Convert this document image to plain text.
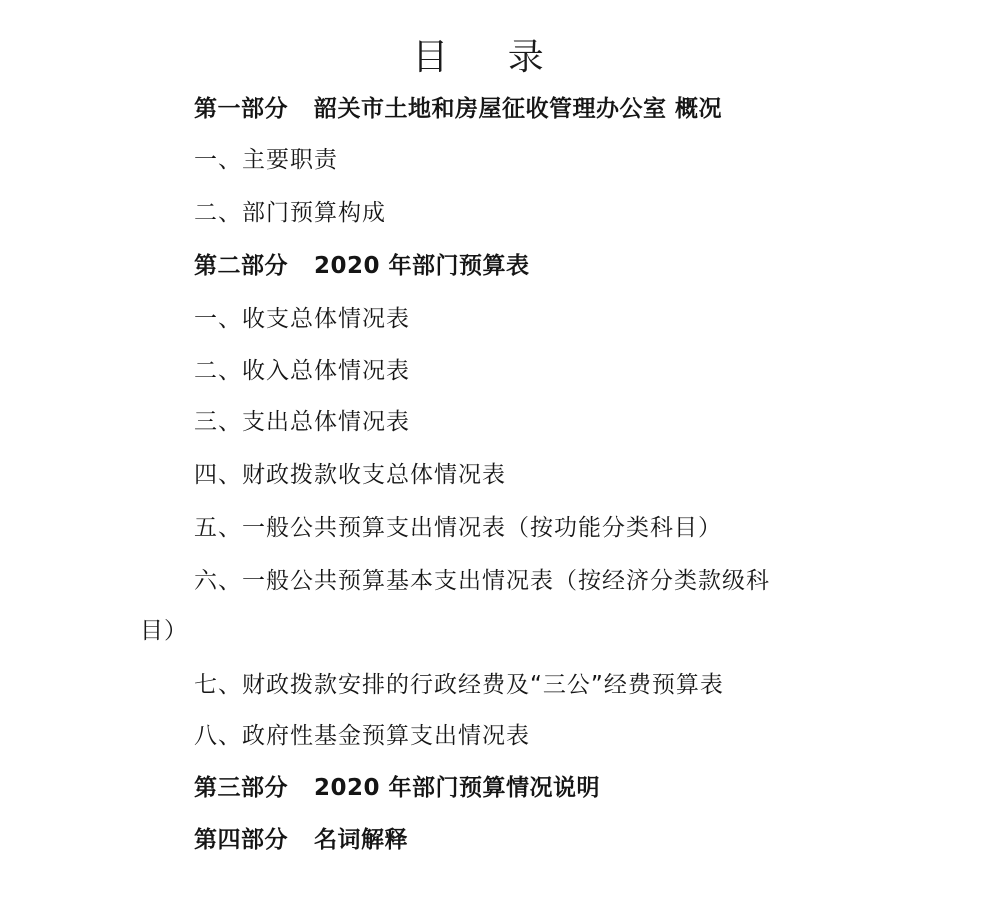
目 录
第一部分 韶关市土地和房屋征收管理办公室 概况
一、主要职责
二、部门预算构成
第二部分 2020 年部门预算表
一、收支总体情况表
二、收入总体情况表
三、支出总体情况表
四、财政拨款收支总体情况表
五、一般公共预算支出情况表（按功能分类科目）
六、一般公共预算基本支出情况表（按经济分类款级科
目）
七、财政拨款安排的行政经费及“三公”经费预算表
八、政府性基金预算支出情况表
第三部分 2020 年部门预算情况说明
第四部分 名词解释
